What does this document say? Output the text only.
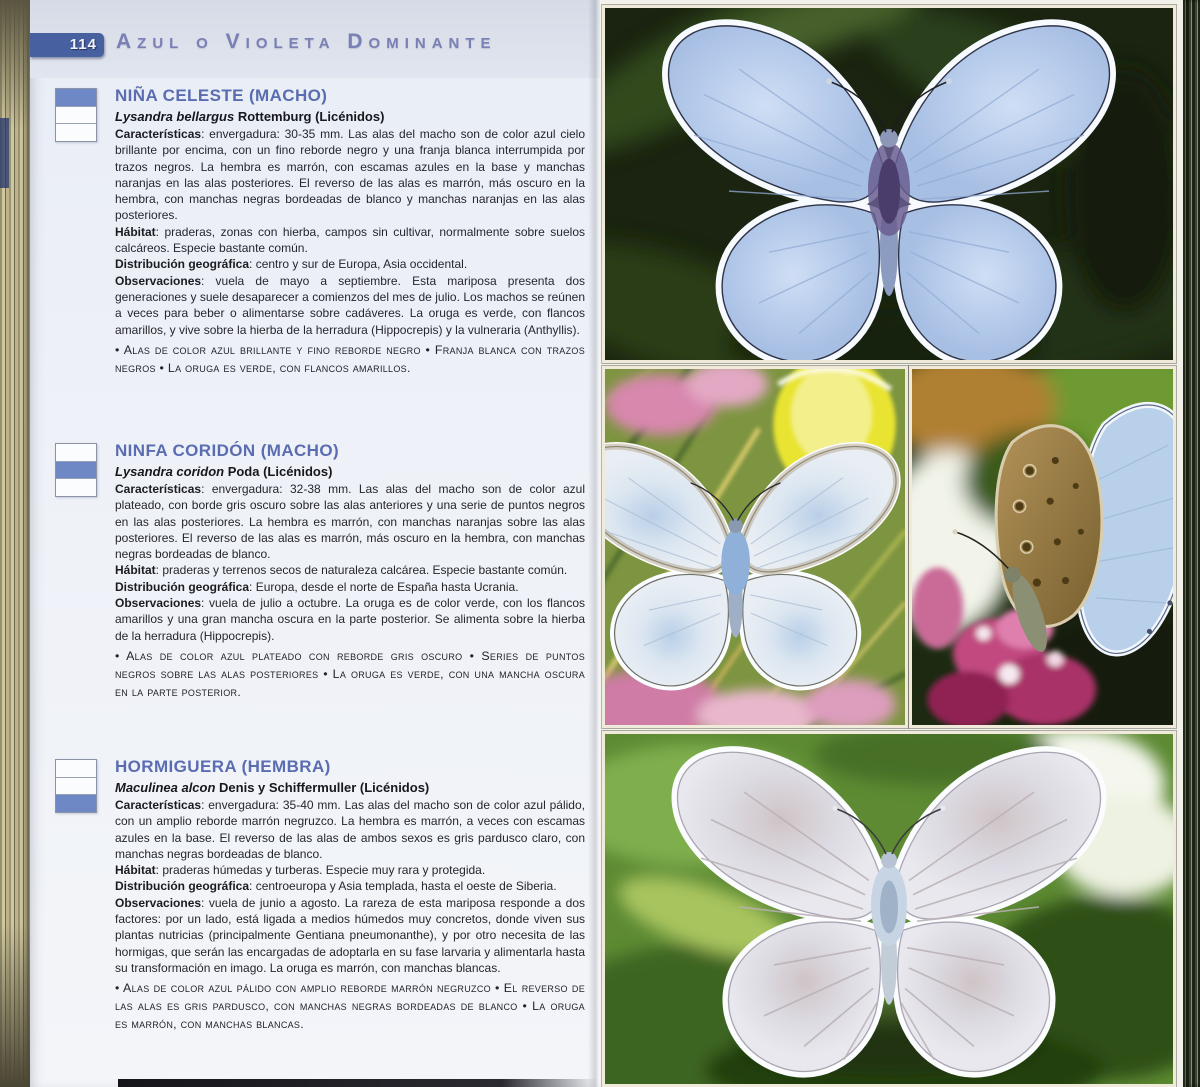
114 Azul o Violeta Dominante
NIÑA CELESTE (MACHO)

Lysandra bellargus Rottemburg (Licénidos)

Características: envergadura: 30-35 mm. Las alas del macho son de color azul cielo brillante por encima, con un fino reborde negro y una franja blanca interrumpida por trazos negros. La hembra es marrón, con escamas azules en la base y manchas naranjas en las alas posteriores. El reverso de las alas es marrón, más oscuro en la hembra, con manchas negras bordeadas de blanco y manchas naranjas en las alas posteriores.

Hábitat: praderas, zonas con hierba, campos sin cultivar, normalmente sobre suelos calcáreos. Especie bastante común.

Distribución geográfica: centro y sur de Europa, Asia occidental.

Observaciones: vuela de mayo a septiembre. Esta mariposa presenta dos generaciones y suele desaparecer a comienzos del mes de julio. Los machos se reúnen a veces para beber o alimentarse sobre cadáveres. La oruga es verde, con flancos amarillos, y vive sobre la hierba de la herradura (Hippocrepis) y la vulneraria (Anthyllis).

• Alas de color azul brillante y fino reborde negro • Franja blanca con trazos negros • La oruga es verde, con flancos amarillos.

NINFA CORIDÓN (MACHO)

Lysandra coridon Poda (Licénidos)

Características: envergadura: 32-38 mm. Las alas del macho son de color azul plateado, con borde gris oscuro sobre las alas anteriores y una serie de puntos negros en las alas posteriores. La hembra es marrón, con manchas naranjas sobre las alas posteriores. El reverso de las alas es marrón, más oscuro en la hembra, con manchas negras bordeadas de blanco.

Hábitat: praderas y terrenos secos de naturaleza calcárea. Especie bastante común.

Distribución geográfica: Europa, desde el norte de España hasta Ucrania.

Observaciones: vuela de julio a octubre. La oruga es de color verde, con los flancos amarillos y una gran mancha oscura en la parte posterior. Se alimenta sobre la hierba de la herradura (Hippocrepis).

• Alas de color azul plateado con reborde gris oscuro • Series de puntos negros sobre las alas posteriores • La oruga es verde, con una mancha oscura en la parte posterior.

HORMIGUERA (HEMBRA)

Maculinea alcon Denis y Schiffermuller (Licénidos)

Características: envergadura: 35-40 mm. Las alas del macho son de color azul pálido, con un amplio reborde marrón negruzco. La hembra es marrón, a veces con escamas azules en la base. El reverso de las alas de ambos sexos es gris pardusco claro, con manchas negras bordeadas de blanco.

Hábitat: praderas húmedas y turberas. Especie muy rara y protegida.

Distribución geográfica: centroeuropa y Asia templada, hasta el oeste de Siberia.

Observaciones: vuela de junio a agosto. La rareza de esta mariposa responde a dos factores: por un lado, está ligada a medios húmedos muy concretos, donde viven sus plantas nutricias (principalmente Gentiana pneumonanthe), y por otro necesita de las hormigas, que serán las encargadas de adoptarla en su fase larvaria y alimentarla hasta su transformación en imago. La oruga es marrón, con manchas blancas.

• Alas de color azul pálido con amplio reborde marrón negruzco • El reverso de las alas es gris pardusco, con manchas negras bordeadas de blanco • La oruga es marrón, con manchas blancas.
